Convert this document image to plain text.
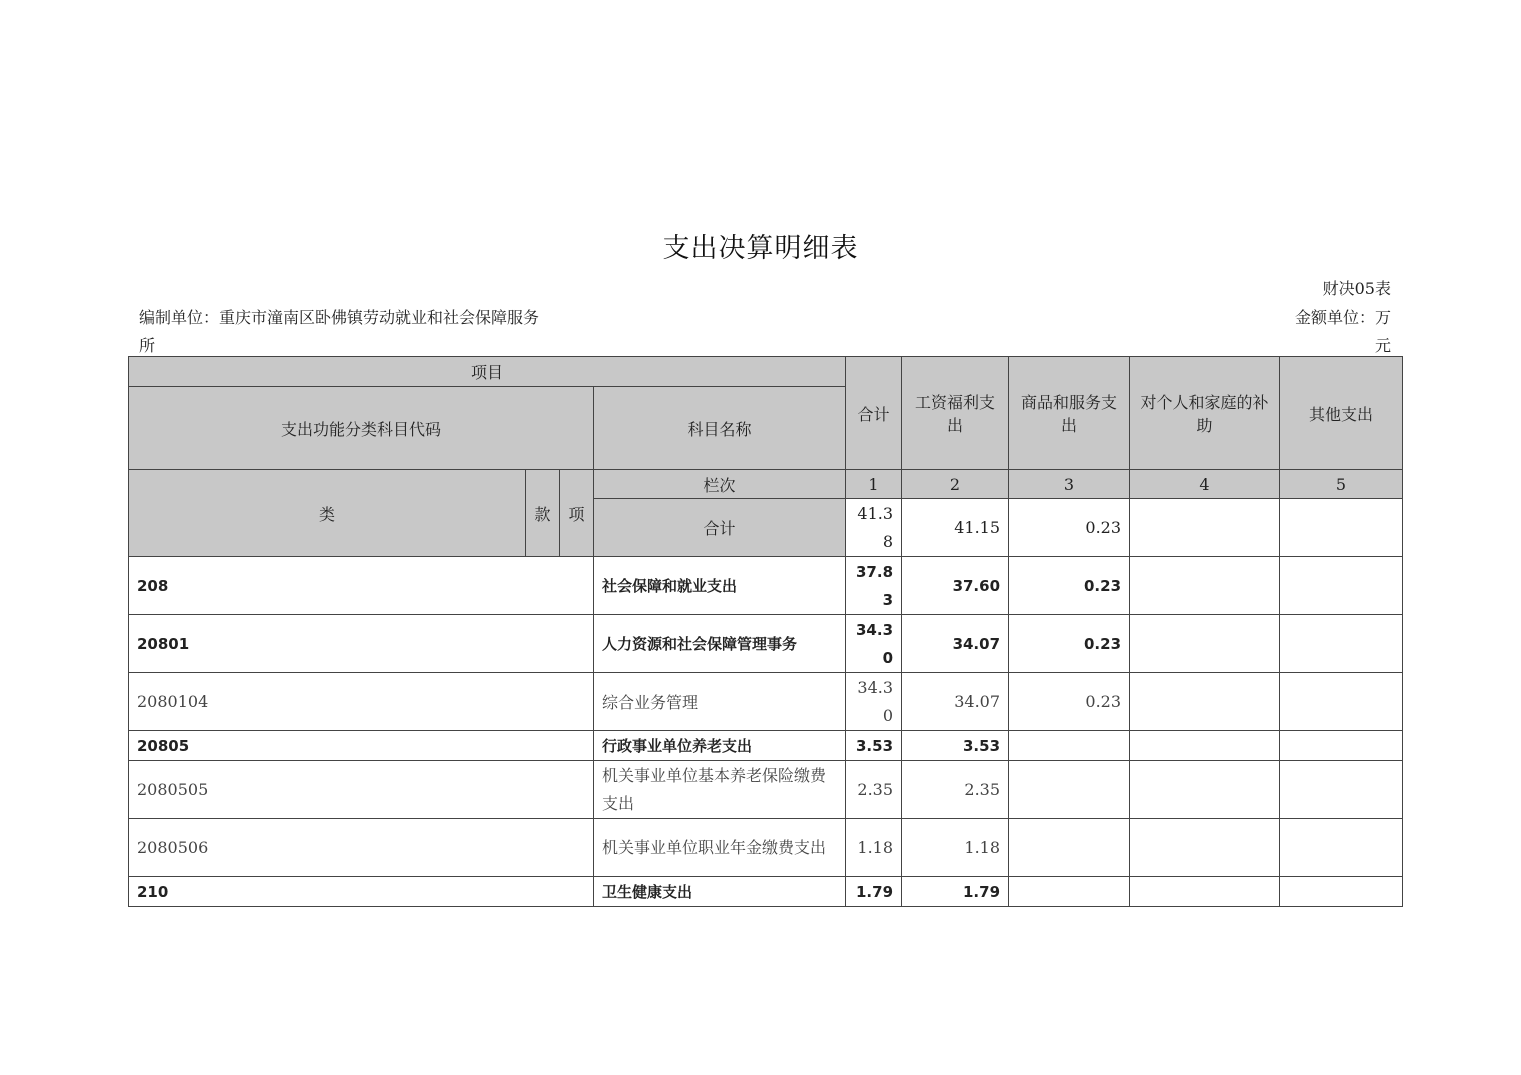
支出决算明细表
财决05表
编制单位：重庆市潼南区卧佛镇劳动就业和社会保障服务所
金额单位：万元
项目				合计	工资福利支出	商品和服务支出	对个人和家庭的补助	其他支出
支出功能分类科目代码			科目名称					
类	款	项	栏次	1	2	3	4	5
			合计	41.38	41.15	0.23		
208			社会保障和就业支出	37.83	37.60	0.23		
20801			人力资源和社会保障管理事务	34.30	34.07	0.23		
2080104			综合业务管理	34.30	34.07	0.23		
20805			行政事业单位养老支出	3.53	3.53			
2080505			机关事业单位基本养老保险缴费支出	2.35	2.35			
2080506			机关事业单位职业年金缴费支出	1.18	1.18			
210			卫生健康支出	1.79	1.79			
